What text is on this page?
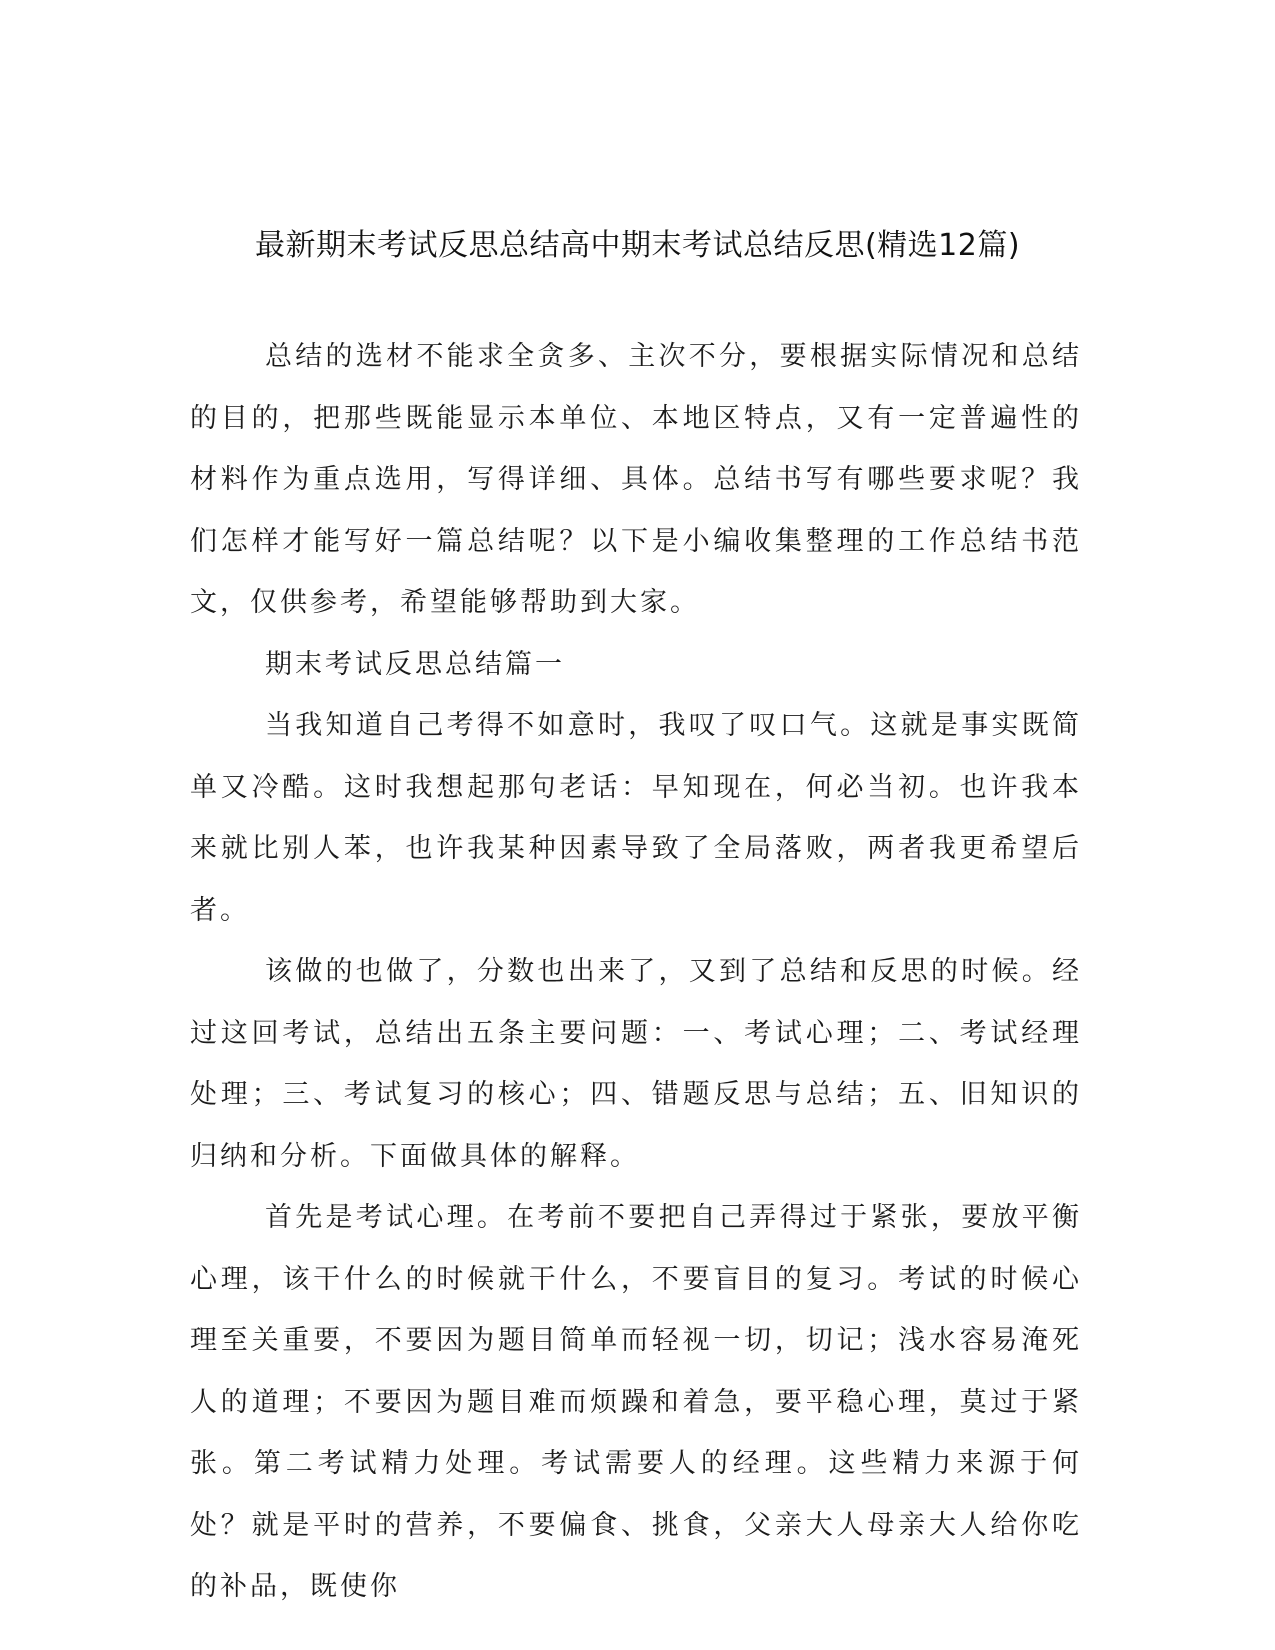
最新期末考试反思总结高中期末考试总结反思(精选12篇)

总结的选材不能求全贪多、主次不分，要根据实际情况和总结的目的，把那些既能显示本单位、本地区特点，又有一定普遍性的材料作为重点选用，写得详细、具体。总结书写有哪些要求呢？我们怎样才能写好一篇总结呢？以下是小编收集整理的工作总结书范文，仅供参考，希望能够帮助到大家。

期末考试反思总结篇一

当我知道自己考得不如意时，我叹了叹口气。这就是事实既简单又冷酷。这时我想起那句老话：早知现在，何必当初。也许我本来就比别人苯，也许我某种因素导致了全局落败，两者我更希望后者。

该做的也做了，分数也出来了，又到了总结和反思的时候。经过这回考试，总结出五条主要问题：一、考试心理；二、考试经理处理；三、考试复习的核心；四、错题反思与总结；五、旧知识的归纳和分析。下面做具体的解释。

首先是考试心理。在考前不要把自己弄得过于紧张，要放平衡心理，该干什么的时候就干什么，不要盲目的复习。考试的时候心理至关重要，不要因为题目简单而轻视一切，切记；浅水容易淹死人的道理；不要因为题目难而烦躁和着急，要平稳心理，莫过于紧张。第二考试精力处理。考试需要人的经理。这些精力来源于何处？就是平时的营养，不要偏食、挑食，父亲大人母亲大人给你吃的补品，既使你
